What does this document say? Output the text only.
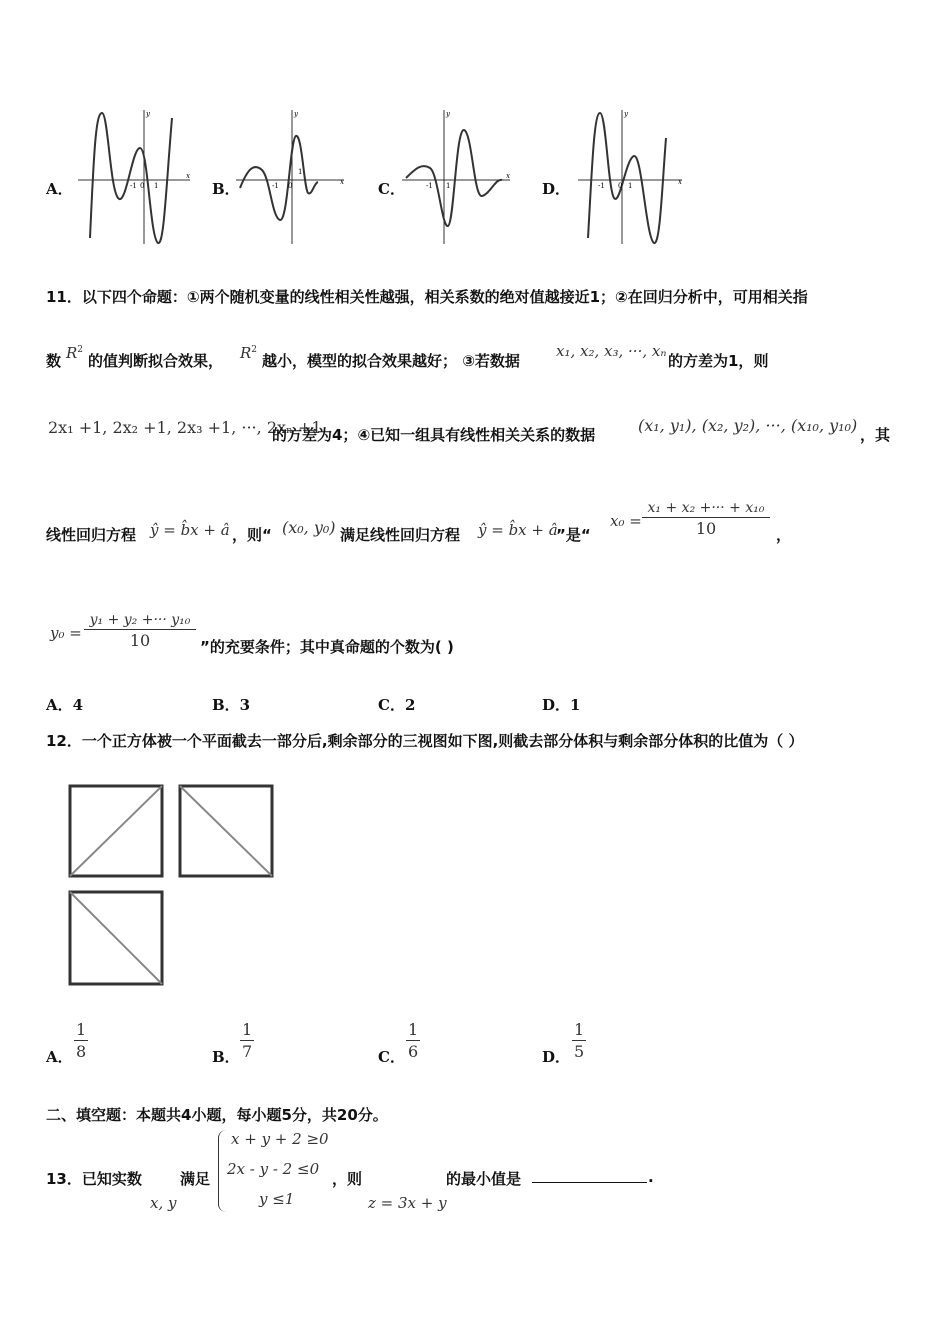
A．	-1 0 1
x
y
B．	-1 0
1
x
y
C．	-1 1
x
y
D．	-1 0 1	x
y
11．以下四个命题：①两个随机变量的线性相关性越强，相关系数的绝对值越接近1；②在回归分析中，可用相关指
数 $R^2$
的值判断拟合效果， $R^2$
越小，模型的拟合效果越好； ③若数据
x₁, x₂, x₃, ···, xₙ
的方差为1，则
2x₁ +1, 2x₂ +1, 2x₃ +1, ···, 2xₙ +1
的方差为4；④已知一组具有线性相关关系的数据	(x₁, y₁), (x₂, y₂), ···, (x₁₀, y₁₀) ，其
线性回归方程 ŷ = b̂x + â ，则“ (x₀, y₀) 满足线性回归方程 ŷ = b̂x + â
”是“
$x_0 = \frac{\text{x₁ + x₂ +··· + x₁₀}}{10}$ ，
$y_0 = \frac{\text{y₁ + y₂ +··· y₁₀}}{10}$ ”的充要条件；其中真命题的个数为( )
A．4	B．3	C．2	D．1
12．一个正方体被一个平面截去一部分后,剩余部分的三视图如下图,则截去部分体积与剩余部分体积的比值为（ ）
A． $\frac{1}{8}$	B． $\frac{1}{7}$	C． $\frac{1}{6}$	D． $\frac{1}{5}$
二、填空题：本题共4小题，每小题5分，共20分。
13．已知实数
x, y
满足
x + y + 2 ≥0
2x - y - 2 ≤0
y ≤1
，则
z = 3x + y
的最小值是	.
